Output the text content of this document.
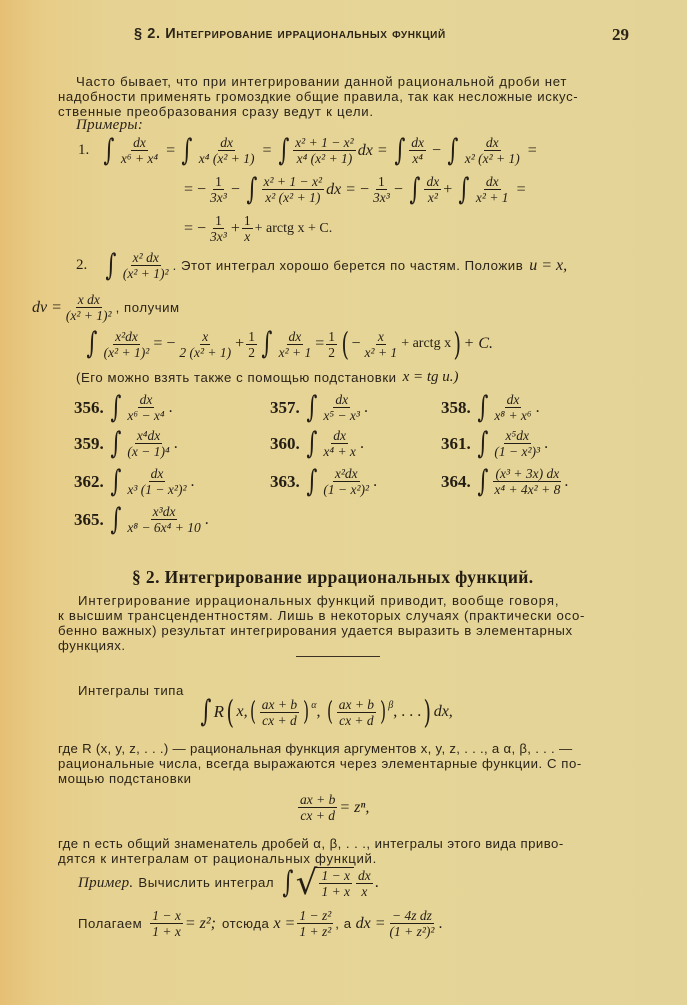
§ 2. Интегрирование иррациональных функций	29
Часто бывает, что при интегрировании данной рациональной дроби нет
надобности применять громоздкие общие правила, так как несложные искус-
ственные преобразования сразу ведут к цели.
Примеры:
1. ∫ $\frac{dx}{\text{x⁶ + x⁴}}$ = ∫ $\frac{dx}{\text{x⁴ (x² + 1)}}$ = ∫ $\frac{\text{x² + 1 − x²}}{\text{x⁴ (x² + 1)}}$ dx =
∫ $\frac{dx}{\text{x⁴}}$ − ∫ $\frac{dx}{\text{x² (x² + 1)}}$ =
= − $\frac{1}{\text{3x³}}$ − ∫ $\frac{\text{x² + 1 − x²}}{\text{x² (x² + 1)}}$ dx = − $\frac{1}{\text{3x³}}$ − ∫ $\frac{dx}{\text{x²}}$ + ∫ $\frac{dx}{\text{x² + 1}}$ =
= − $\frac{1}{\text{3x³}} + \frac{1}{x}$ + arctg x + C.
2. ∫ $\frac{\text{x² dx}}{\text{(x² + 1)²}}$ . Этот интеграл хорошо берется по частям. Положив u = x,
dv = $\frac{\text{x dx}}{\text{(x² + 1)²}}$ , получим
∫ $\frac{\text{x²dx}}{\text{(x² + 1)²}}$ = − $\frac{x}{\text{2 (x² + 1)}} + \frac{1}{2}$ ∫ $\frac{dx}{\text{x² + 1}} = \frac{1}{2}$ ( − $\frac{x}{\text{x² + 1}}$ + arctg x ) + C.
(Его можно взять также с помощью подстановки x = tg u.)
356. ∫ $\frac{dx}{\text{x⁶ − x⁴}}$ .	357. ∫ $\frac{dx}{\text{x⁵ − x³}}$ .	358. ∫ $\frac{dx}{\text{x⁸ + x⁶}}$ .
359. ∫ $\frac{\text{x⁴dx}}{\text{(x − 1)⁴}}$ .	360. ∫ $\frac{dx}{\text{x⁴ + x}}$ .	361. ∫ $\frac{\text{x⁵dx}}{\text{(1 − x²)³}}$ .
362. ∫ $\frac{dx}{\text{x³ (1 − x²)²}}$ .	363. ∫ $\frac{\text{x²dx}}{\text{(1 − x²)²}}$ .	364. ∫ $\frac{\text{(x³ + 3x) dx}}{\text{x⁴ + 4x² + 8}}$ .
365. ∫ $\frac{\text{x³dx}}{\text{x⁸ − 6x⁴ + 10}}$ .
§ 2. Интегрирование иррациональных функций.
Интегрирование иррациональных функций приводит, вообще говоря,
к высшим трансцендентностям. Лишь в некоторых случаях (практически осо-
бенно важных) результат интегрирования удается выразить в элементарных
функциях.
Интегралы типа
∫ R ( x, ( $\frac{ax + b}{cx + d} )^\alpha$ , ( $\frac{ax + b}{cx + d} )^\beta$ , . . . ) dx,
где R (x, y, z, . . .) — рациональная функция аргументов x, y, z, . . ., а α, β, . . . —
рациональные числа, всегда выражаются через элементарные функции. С по-
мощью подстановки
$\frac{ax + b}{cx + d} = z^n$,
где n есть общий знаменатель дробей α, β, . . ., интегралы этого вида приво-
дятся к интегралам от рациональных функций.
Пример. Вычислить интеграл ∫ √ $\frac{1 - x}{1 + x} \frac{dx}{x}$ .
Полагаем $\frac{1 - x}{1 + x} = z^2$; отсюда $x = \frac{\text{1 − z²}}{\text{1 + z²}}$ , а dx = $\frac{\text{− 4z dz}}{\text{(1 + z²)²}}$ .
